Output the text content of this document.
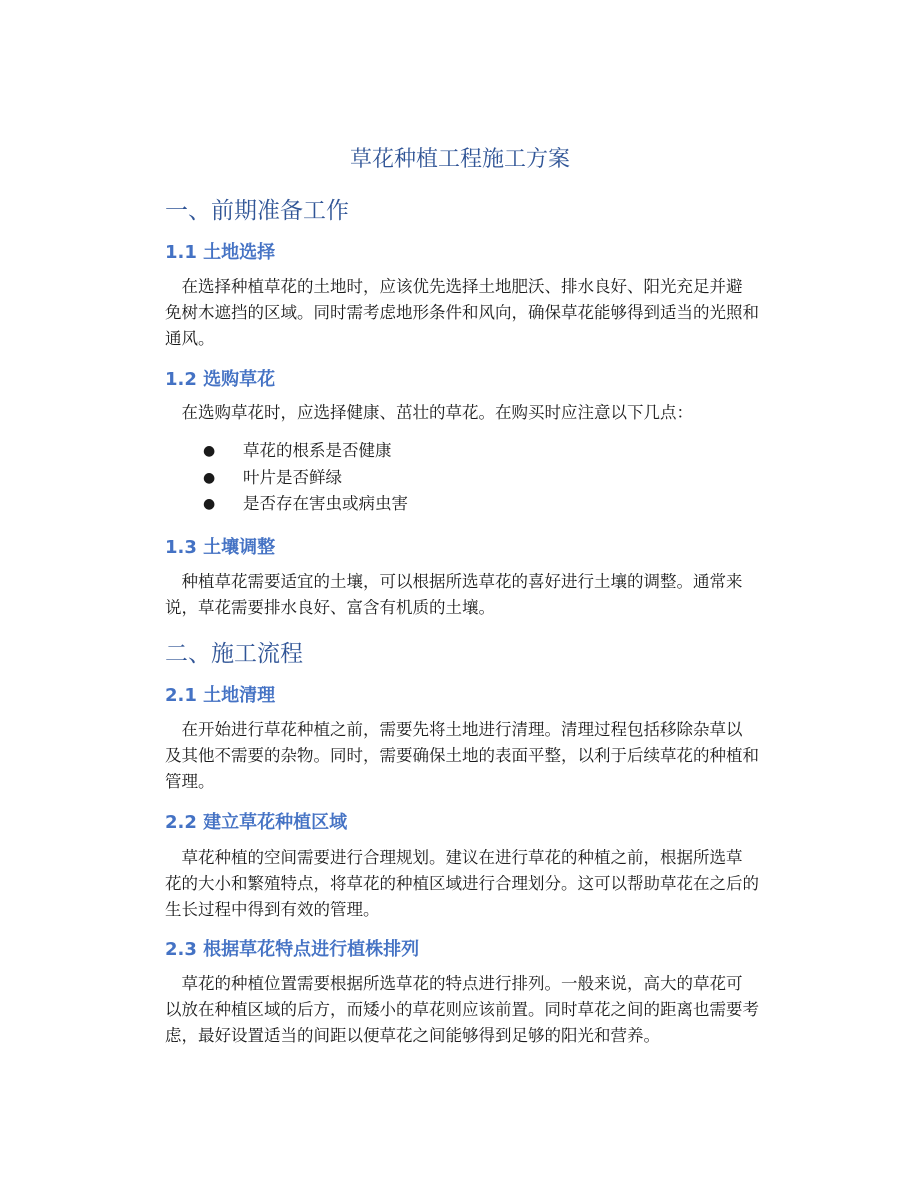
草花种植工程施工方案
一、前期准备工作
1.1 土地选择

　在选择种植草花的土地时，应该优先选择土地肥沃、排水良好、阳光充足并避
免树木遮挡的区域。同时需考虑地形条件和风向，确保草花能够得到适当的光照和
通风。

1.2 选购草花

　在选购草花时，应选择健康、茁壮的草花。在购买时应注意以下几点：

● 草花的根系是否健康
● 叶片是否鲜绿
● 是否存在害虫或病虫害
1.3 土壤调整

　种植草花需要适宜的土壤，可以根据所选草花的喜好进行土壤的调整。通常来
说，草花需要排水良好、富含有机质的土壤。

二、施工流程
2.1 土地清理

　在开始进行草花种植之前，需要先将土地进行清理。清理过程包括移除杂草以
及其他不需要的杂物。同时，需要确保土地的表面平整，以利于后续草花的种植和
管理。

2.2 建立草花种植区域

　草花种植的空间需要进行合理规划。建议在进行草花的种植之前，根据所选草
花的大小和繁殖特点，将草花的种植区域进行合理划分。这可以帮助草花在之后的
生长过程中得到有效的管理。

2.3 根据草花特点进行植株排列

　草花的种植位置需要根据所选草花的特点进行排列。一般来说，高大的草花可
以放在种植区域的后方，而矮小的草花则应该前置。同时草花之间的距离也需要考
虑，最好设置适当的间距以便草花之间能够得到足够的阳光和营养。
